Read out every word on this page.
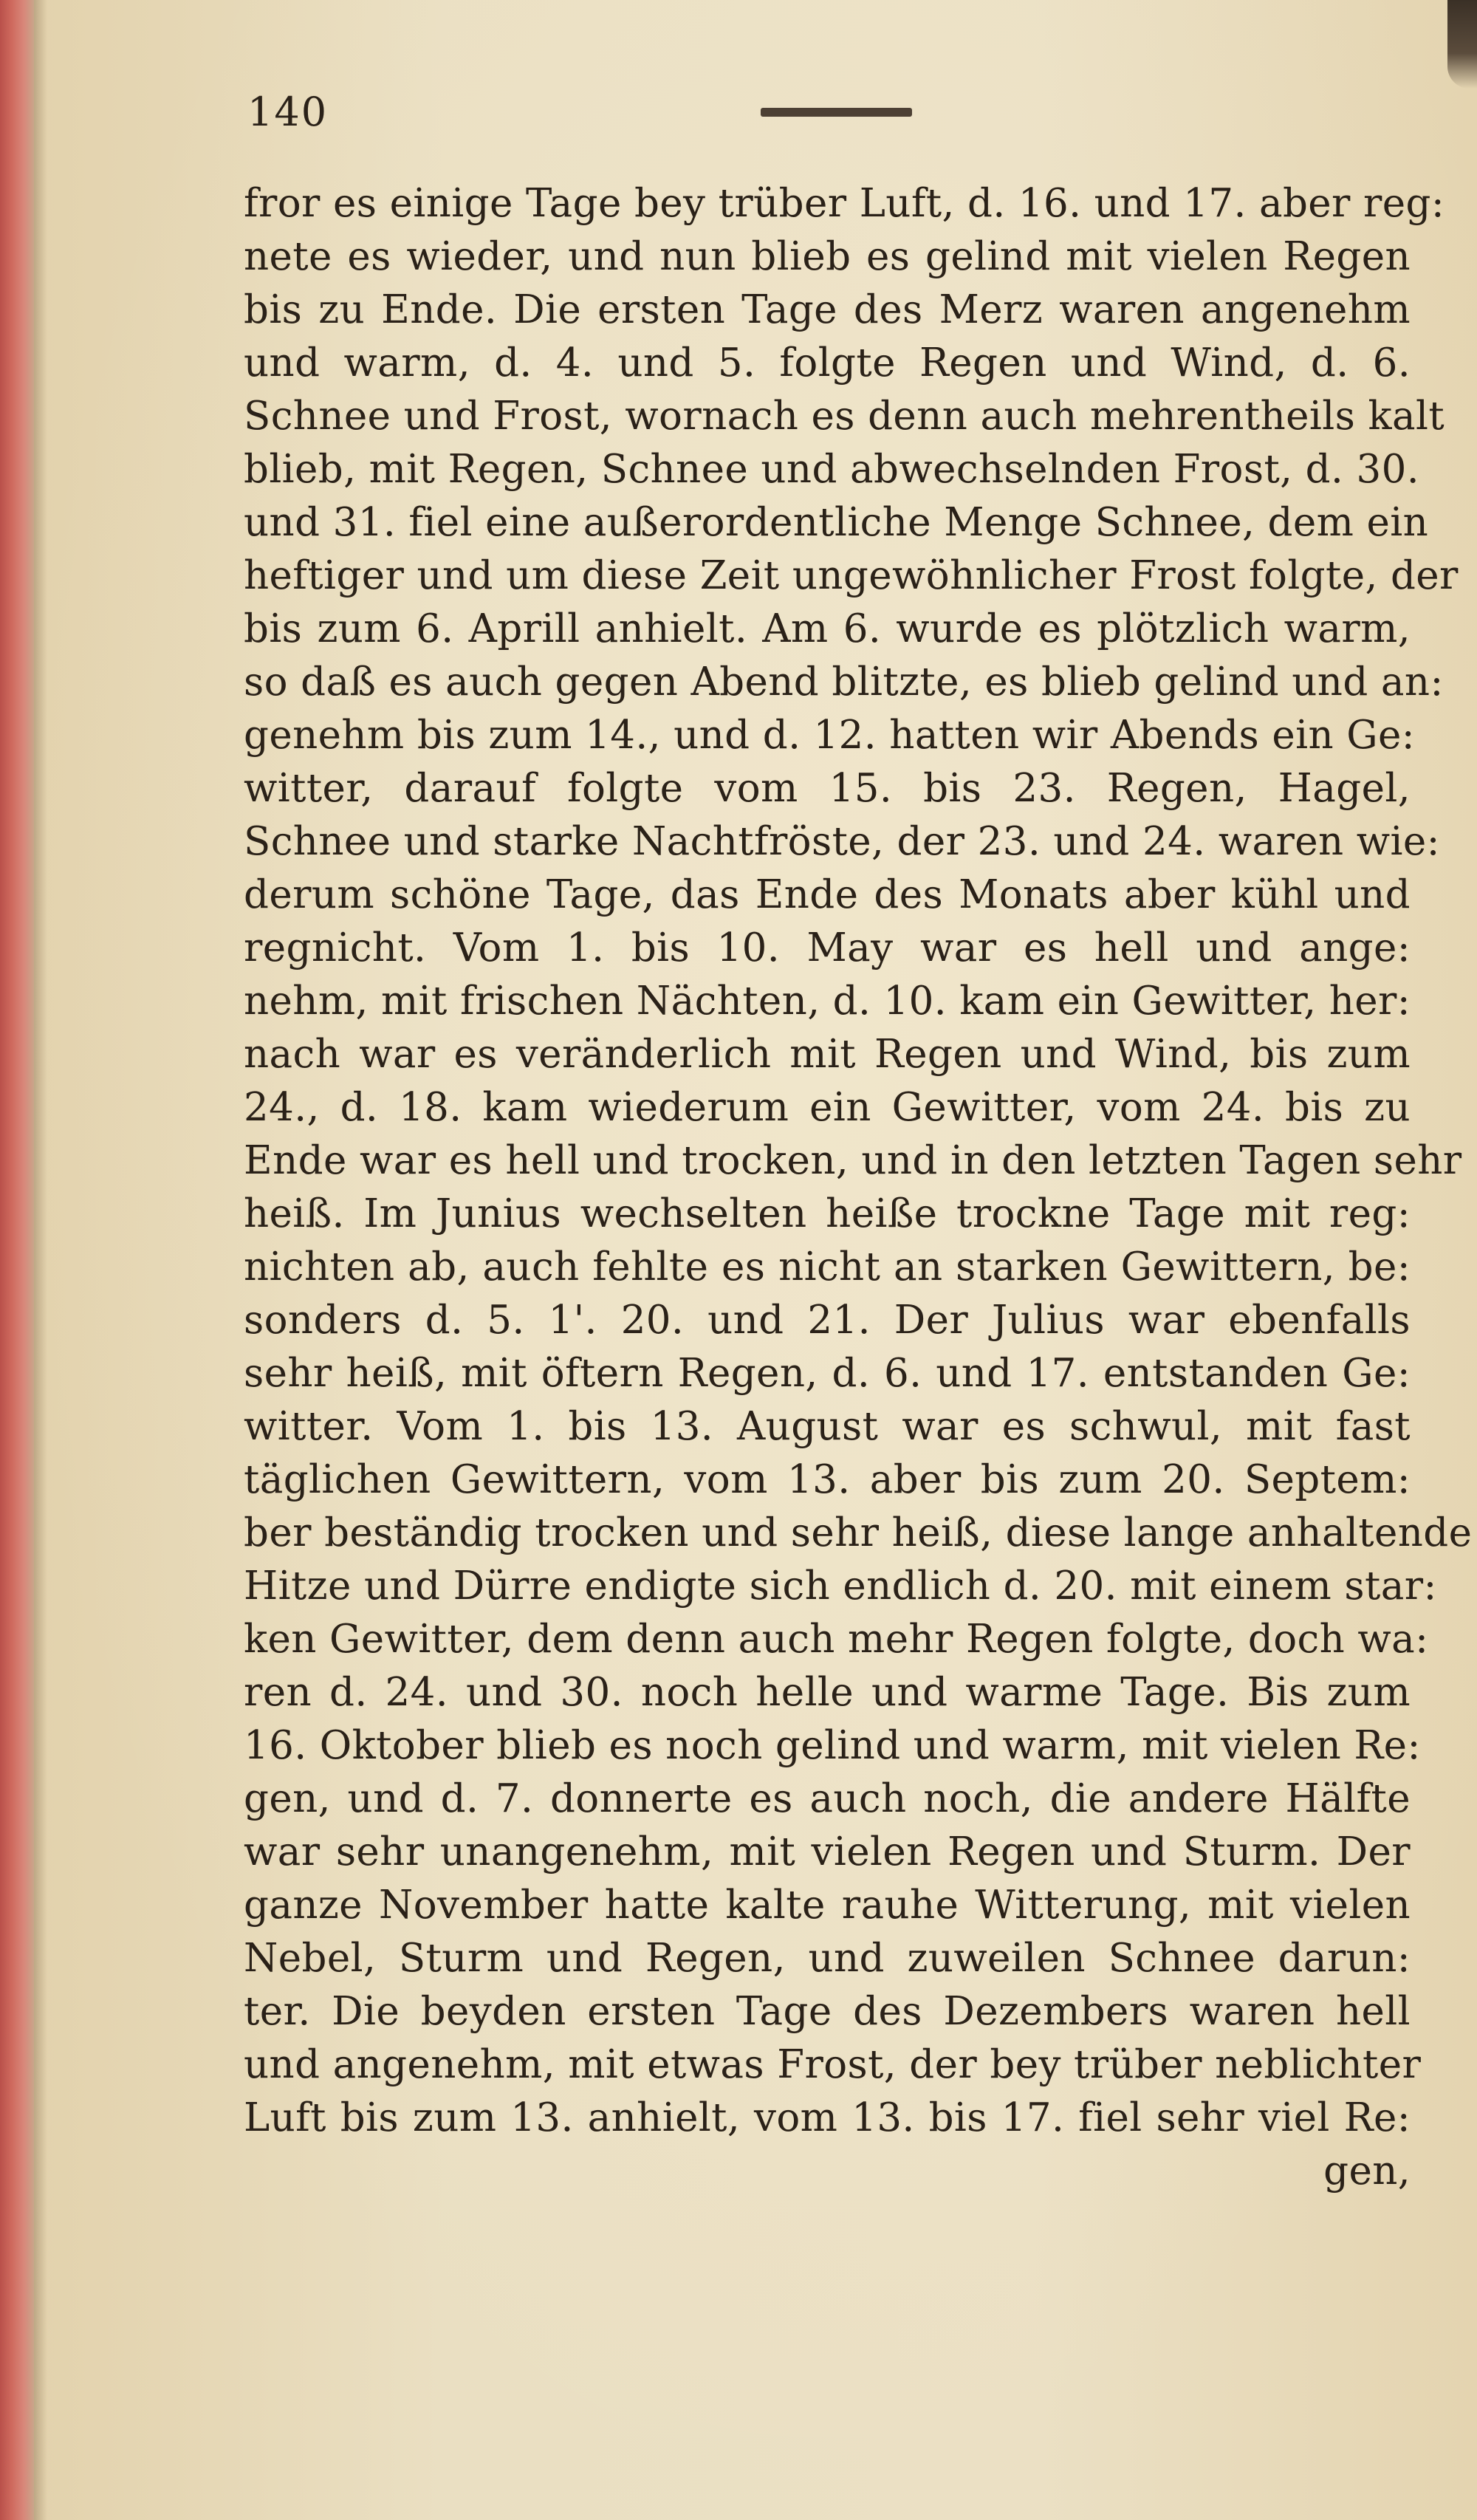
140
fror es einige Tage bey trüber Luft, d. 16. und 17. aber reg:
nete es wieder, und nun blieb es gelind mit vielen Regen
bis zu Ende. Die ersten Tage des Merz waren angenehm
und warm, d. 4. und 5. folgte Regen und Wind, d. 6.
Schnee und Frost, wornach es denn auch mehrentheils kalt
blieb, mit Regen, Schnee und abwechselnden Frost, d. 30.
und 31. fiel eine außerordentliche Menge Schnee, dem ein
heftiger und um diese Zeit ungewöhnlicher Frost folgte, der
bis zum 6. Aprill anhielt. Am 6. wurde es plötzlich warm,
so daß es auch gegen Abend blitzte, es blieb gelind und an:
genehm bis zum 14., und d. 12. hatten wir Abends ein Ge:
witter, darauf folgte vom 15. bis 23. Regen, Hagel,
Schnee und starke Nachtfröste, der 23. und 24. waren wie:
derum schöne Tage, das Ende des Monats aber kühl und
regnicht. Vom 1. bis 10. May war es hell und ange:
nehm, mit frischen Nächten, d. 10. kam ein Gewitter, her:
nach war es veränderlich mit Regen und Wind, bis zum
24., d. 18. kam wiederum ein Gewitter, vom 24. bis zu
Ende war es hell und trocken, und in den letzten Tagen sehr
heiß. Im Junius wechselten heiße trockne Tage mit reg:
nichten ab, auch fehlte es nicht an starken Gewittern, be:
sonders d. 5. 1'. 20. und 21. Der Julius war ebenfalls
sehr heiß, mit öftern Regen, d. 6. und 17. entstanden Ge:
witter. Vom 1. bis 13. August war es schwul, mit fast
täglichen Gewittern, vom 13. aber bis zum 20. Septem:
ber beständig trocken und sehr heiß, diese lange anhaltende
Hitze und Dürre endigte sich endlich d. 20. mit einem star:
ken Gewitter, dem denn auch mehr Regen folgte, doch wa:
ren d. 24. und 30. noch helle und warme Tage. Bis zum
16. Oktober blieb es noch gelind und warm, mit vielen Re:
gen, und d. 7. donnerte es auch noch, die andere Hälfte
war sehr unangenehm, mit vielen Regen und Sturm. Der
ganze November hatte kalte rauhe Witterung, mit vielen
Nebel, Sturm und Regen, und zuweilen Schnee darun:
ter. Die beyden ersten Tage des Dezembers waren hell
und angenehm, mit etwas Frost, der bey trüber neblichter
Luft bis zum 13. anhielt, vom 13. bis 17. fiel sehr viel Re:
gen,
